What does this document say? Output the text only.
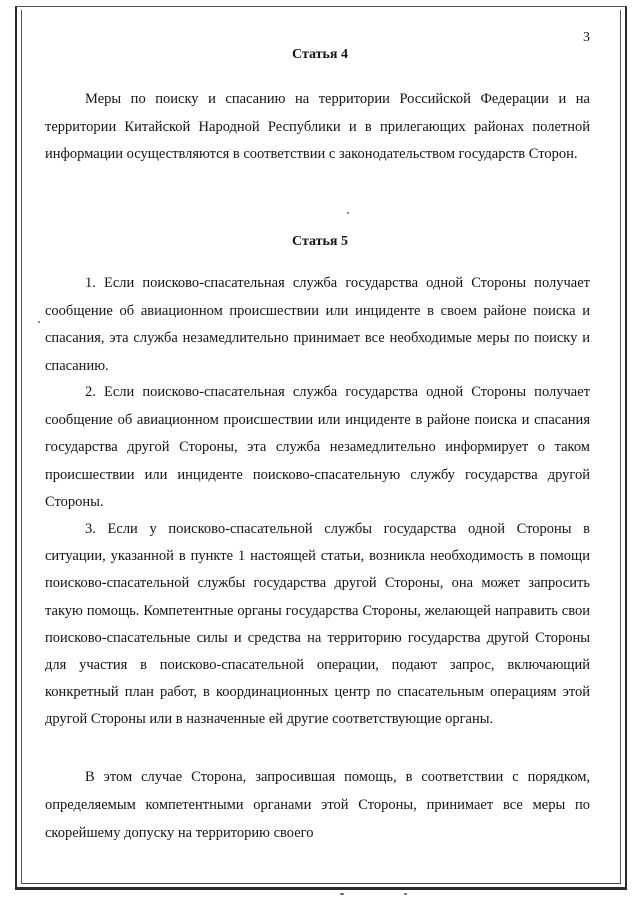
3
Статья 4
Меры по поиску и спасанию на территории Российской Федерации и на территории Китайской Народной Республики и в прилегающих районах полетной информации осуществляются в соответствии с законодательством государств Сторон.
Статья 5
1. Если поисково-спасательная служба государства одной Стороны получает сообщение об авиационном происшествии или инциденте в своем районе поиска и спасания, эта служба незамедлительно принимает все необходимые меры по поиску и спасанию.
2. Если поисково-спасательная служба государства одной Стороны получает сообщение об авиационном происшествии или инциденте в районе поиска и спасания государства другой Стороны, эта служба незамедлительно информирует о таком происшествии или инциденте поисково-спасательную службу государства другой Стороны.
3. Если у поисково-спасательной службы государства одной Стороны в ситуации, указанной в пункте 1 настоящей статьи, возникла необходимость в помощи поисково-спасательной службы государства другой Стороны, она может запросить такую помощь. Компетентные органы государства Стороны, желающей направить свои поисково-спасательные силы и средства на территорию государства другой Стороны для участия в поисково-спасательной операции, подают запрос, включающий конкретный план работ, в координационных центр по спасательным операциям этой другой Стороны или в назначенные ей другие соответствующие органы.
В этом случае Сторона, запросившая помощь, в соответствии с порядком, определяемым компетентными органами этой Стороны, принимает все меры по скорейшему допуску на территорию своего
